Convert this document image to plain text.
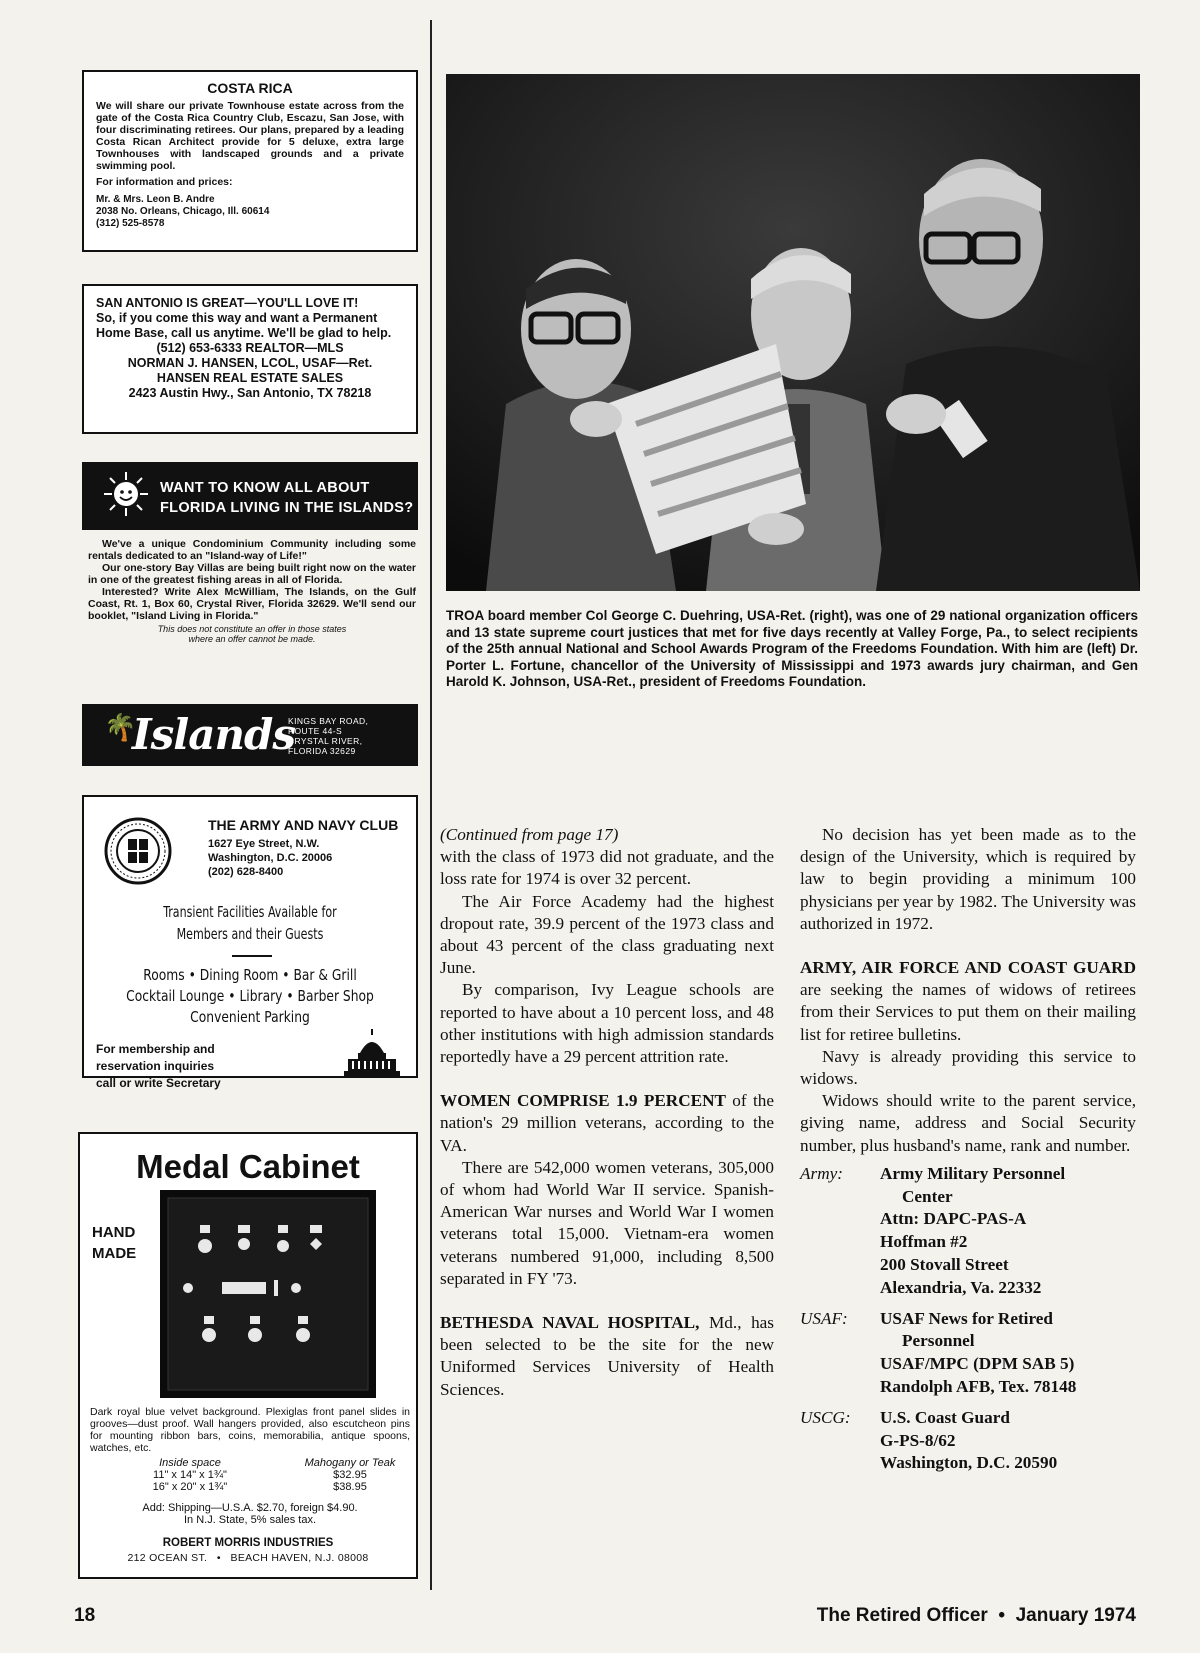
COSTA RICA

We will share our private Townhouse estate across from the gate of the Costa Rica Country Club, Escazu, San Jose, with four discriminating retirees. Our plans, prepared by a leading Costa Rican Architect provide for 5 deluxe, extra large Townhouses with landscaped grounds and a private swimming pool.

For information and prices:

Mr. & Mrs. Leon B. Andre
2038 No. Orleans, Chicago, Ill. 60614
(312) 525-8578

SAN ANTONIO IS GREAT—YOU'LL LOVE IT!

So, if you come this way and want a Permanent Home Base, call us anytime. We'll be glad to help.

(512) 653-6333 REALTOR—MLS

NORMAN J. HANSEN, LCOL, USAF—Ret.

HANSEN REAL ESTATE SALES

2423 Austin Hwy., San Antonio, TX 78218

WANT TO KNOW ALL ABOUT
FLORIDA LIVING IN THE ISLANDS?

We've a unique Condominium Community including some rentals dedicated to an "Island-way of Life!"

Our one-story Bay Villas are being built right now on the water in one of the greatest fishing areas in all of Florida.

Interested? Write Alex McWilliam, The Islands, on the Gulf Coast, Rt. 1, Box 60, Crystal River, Florida 32629. We'll send our booklet, "Island Living in Florida."

This does not constitute an offer in those states
where an offer cannot be made.

🌴
Islands
KINGS BAY ROAD,
ROUTE 44-S
CRYSTAL RIVER,
FLORIDA 32629
THE ARMY AND NAVY CLUB
1627 Eye Street, N.W.
Washington, D.C. 20006
(202) 628-8400
Transient Facilities Available for
Members and their Guests
Rooms • Dining Room • Bar & Grill
Cocktail Lounge • Library • Barber Shop
Convenient Parking
For membership and
reservation inquiries
call or write Secretary
Medal Cabinet
HAND
MADE
Dark royal blue velvet background. Plexiglas front panel slides in grooves—dust proof. Wall hangers provided, also escutcheon pins for mounting ribbon bars, coins, memorabilia, antique spoons, watches, etc.
Inside space	Mahogany or Teak
11" x 14" x 1¾"	$32.95
16" x 20" x 1¾"	$38.95
Add: Shipping—U.S.A. $2.70, foreign $4.90.
In N.J. State, 5% sales tax.
ROBERT MORRIS INDUSTRIES
212 OCEAN ST. • BEACH HAVEN, N.J. 08008
TROA board member Col George C. Duehring, USA-Ret. (right), was one of 29 national organization officers and 13 state supreme court justices that met for five days recently at Valley Forge, Pa., to select recipients of the 25th annual National and School Awards Program of the Freedoms Foundation. With him are (left) Dr. Porter L. Fortune, chancellor of the University of Mississippi and 1973 awards jury chairman, and Gen Harold K. Johnson, USA-Ret., president of Freedoms Foundation.

(Continued from page 17)

with the class of 1973 did not graduate, and the loss rate for 1974 is over 32 percent.

The Air Force Academy had the highest dropout rate, 39.9 percent of the 1973 class and about 43 percent of the class graduating next June.

By comparison, Ivy League schools are reported to have about a 10 percent loss, and 48 other institutions with high admission standards reportedly have a 29 percent attrition rate.

WOMEN COMPRISE 1.9 PERCENT of the nation's 29 million veterans, according to the VA.

There are 542,000 women veterans, 305,000 of whom had World War II service. Spanish-American War nurses and World War I women veterans total 15,000. Vietnam-era women veterans numbered 91,000, including 8,500 separated in FY '73.

BETHESDA NAVAL HOSPITAL, Md., has been selected to be the site for the new Uniformed Services University of Health Sciences.

No decision has yet been made as to the design of the University, which is required by law to begin providing a minimum 100 physicians per year by 1982. The University was authorized in 1972.

ARMY, AIR FORCE AND COAST GUARD are seeking the names of widows of retirees from their Services to put them on their mailing list for retiree bulletins.

Navy is already providing this service to widows.

Widows should write to the parent service, giving name, address and Social Security number, plus husband's name, rank and number.

Army:	Army Military Personnel
Center
Attn: DAPC-PAS-A
Hoffman #2
200 Stovall Street
Alexandria, Va. 22332
USAF:	USAF News for Retired
Personnel
USAF/MPC (DPM SAB 5)
Randolph AFB, Tex. 78148
USCG:	U.S. Coast Guard
G-PS-8/62
Washington, D.C. 20590
18	The Retired Officer • January 1974
